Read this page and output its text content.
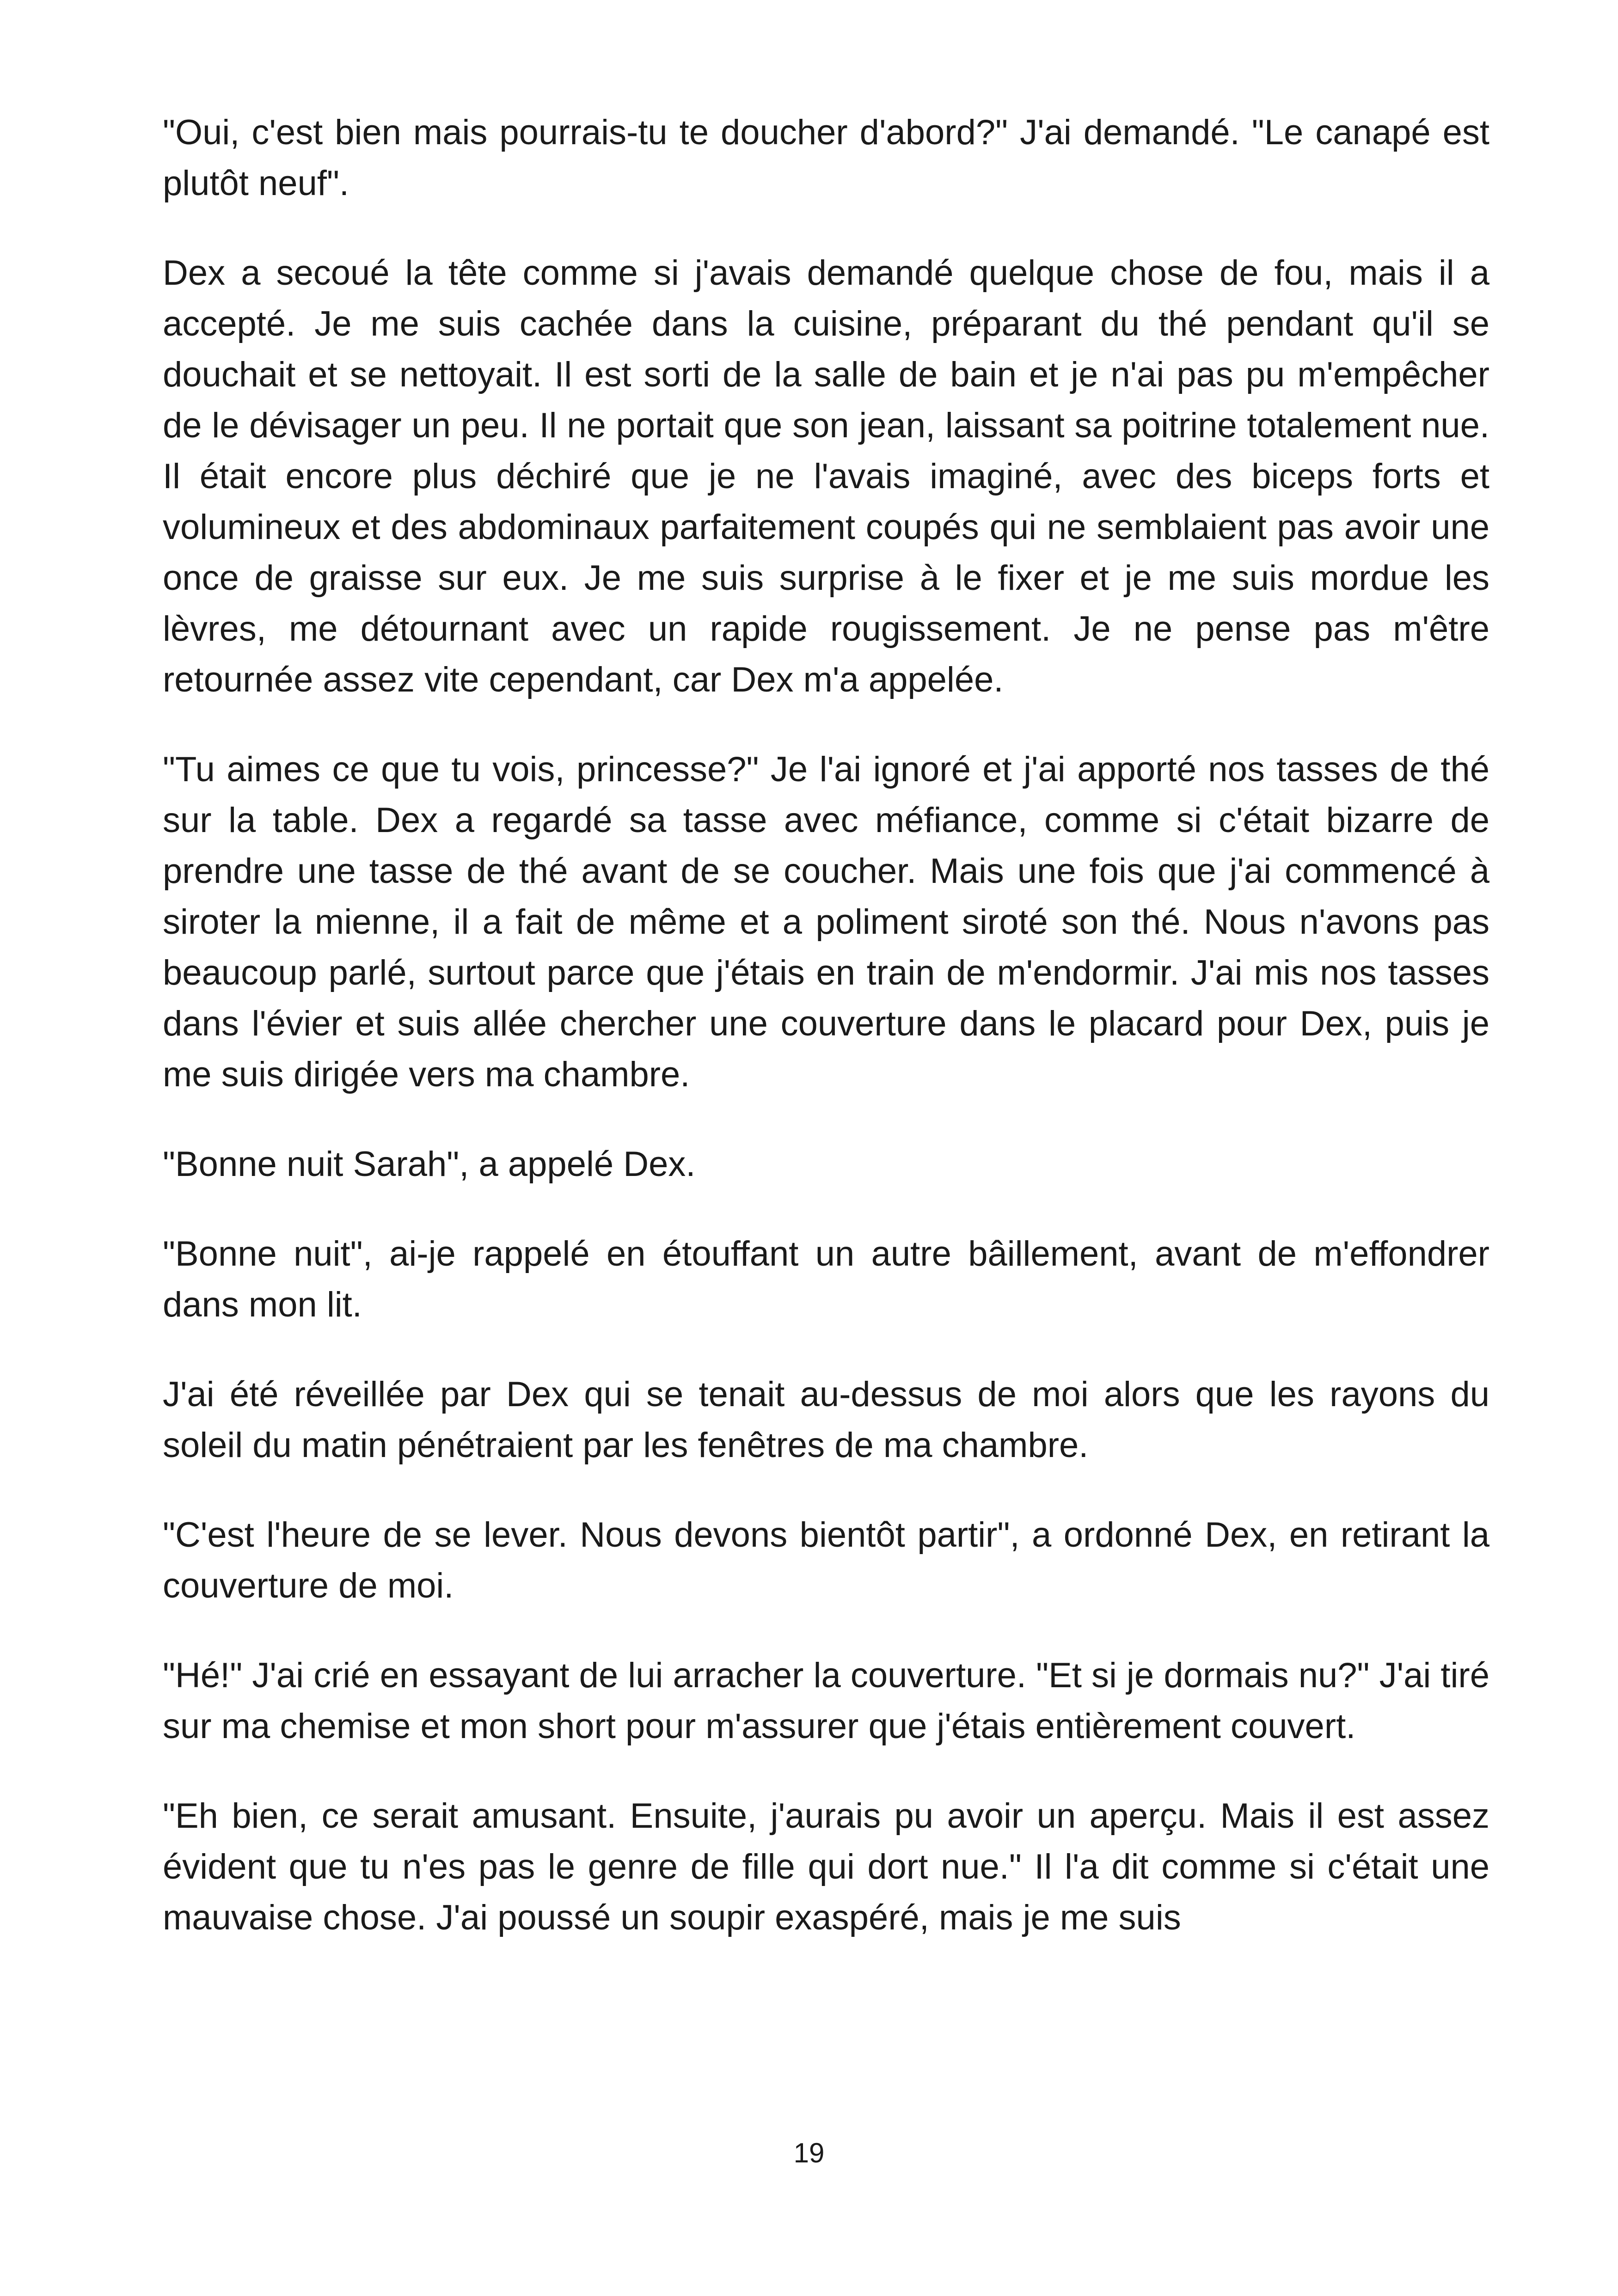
"Oui, c'est bien mais pourrais-tu te doucher d'abord?" J'ai demandé. "Le canapé est plutôt neuf".

Dex a secoué la tête comme si j'avais demandé quelque chose de fou, mais il a accepté. Je me suis cachée dans la cuisine, préparant du thé pendant qu'il se douchait et se nettoyait. Il est sorti de la salle de bain et je n'ai pas pu m'empêcher de le dévisager un peu. Il ne portait que son jean, laissant sa poitrine totalement nue. Il était encore plus déchiré que je ne l'avais imaginé, avec des biceps forts et volumineux et des abdominaux parfaitement coupés qui ne semblaient pas avoir une once de graisse sur eux. Je me suis surprise à le fixer et je me suis mordue les lèvres, me détournant avec un rapide rougissement. Je ne pense pas m'être retournée assez vite cependant, car Dex m'a appelée.

"Tu aimes ce que tu vois, princesse?" Je l'ai ignoré et j'ai apporté nos tasses de thé sur la table. Dex a regardé sa tasse avec méfiance, comme si c'était bizarre de prendre une tasse de thé avant de se coucher. Mais une fois que j'ai commencé à siroter la mienne, il a fait de même et a poliment siroté son thé. Nous n'avons pas beaucoup parlé, surtout parce que j'étais en train de m'endormir. J'ai mis nos tasses dans l'évier et suis allée chercher une couverture dans le placard pour Dex, puis je me suis dirigée vers ma chambre.

"Bonne nuit Sarah", a appelé Dex.

"Bonne nuit", ai-je rappelé en étouffant un autre bâillement, avant de m'effondrer dans mon lit.

J'ai été réveillée par Dex qui se tenait au-dessus de moi alors que les rayons du soleil du matin pénétraient par les fenêtres de ma chambre.

"C'est l'heure de se lever. Nous devons bientôt partir", a ordonné Dex, en retirant la couverture de moi.

"Hé!" J'ai crié en essayant de lui arracher la couverture. "Et si je dormais nu?" J'ai tiré sur ma chemise et mon short pour m'assurer que j'étais entièrement couvert.

"Eh bien, ce serait amusant. Ensuite, j'aurais pu avoir un aperçu. Mais il est assez évident que tu n'es pas le genre de fille qui dort nue." Il l'a dit comme si c'était une mauvaise chose. J'ai poussé un soupir exaspéré, mais je me suis

19
